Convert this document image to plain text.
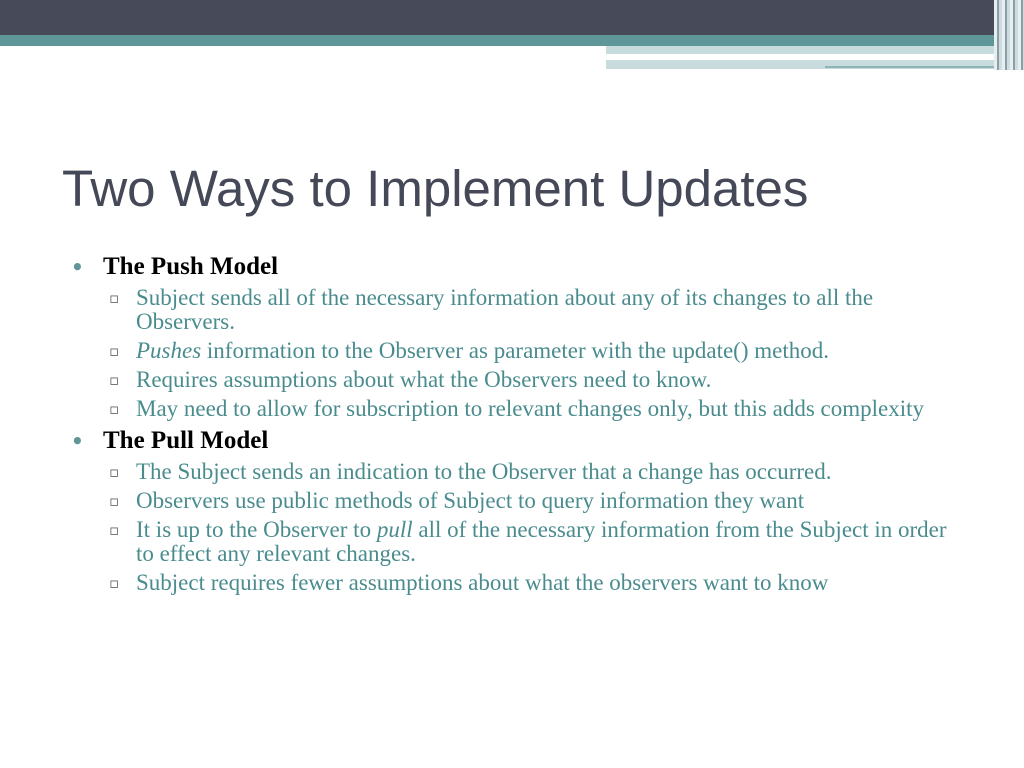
Two Ways to Implement Updates
• The Push Model
▫ Subject sends all of the necessary information about any of its changes to all the Observers.
▫ Pushes information to the Observer as parameter with the update() method.
▫ Requires assumptions about what the Observers need to know.
▫ May need to allow for subscription to relevant changes only, but this adds complexity
• The Pull Model
▫ The Subject sends an indication to the Observer that a change has occurred.
▫ Observers use public methods of Subject to query information they want
▫ It is up to the Observer to pull all of the necessary information from the Subject in order to effect any relevant changes.
▫ Subject requires fewer assumptions about what the observers want to know
